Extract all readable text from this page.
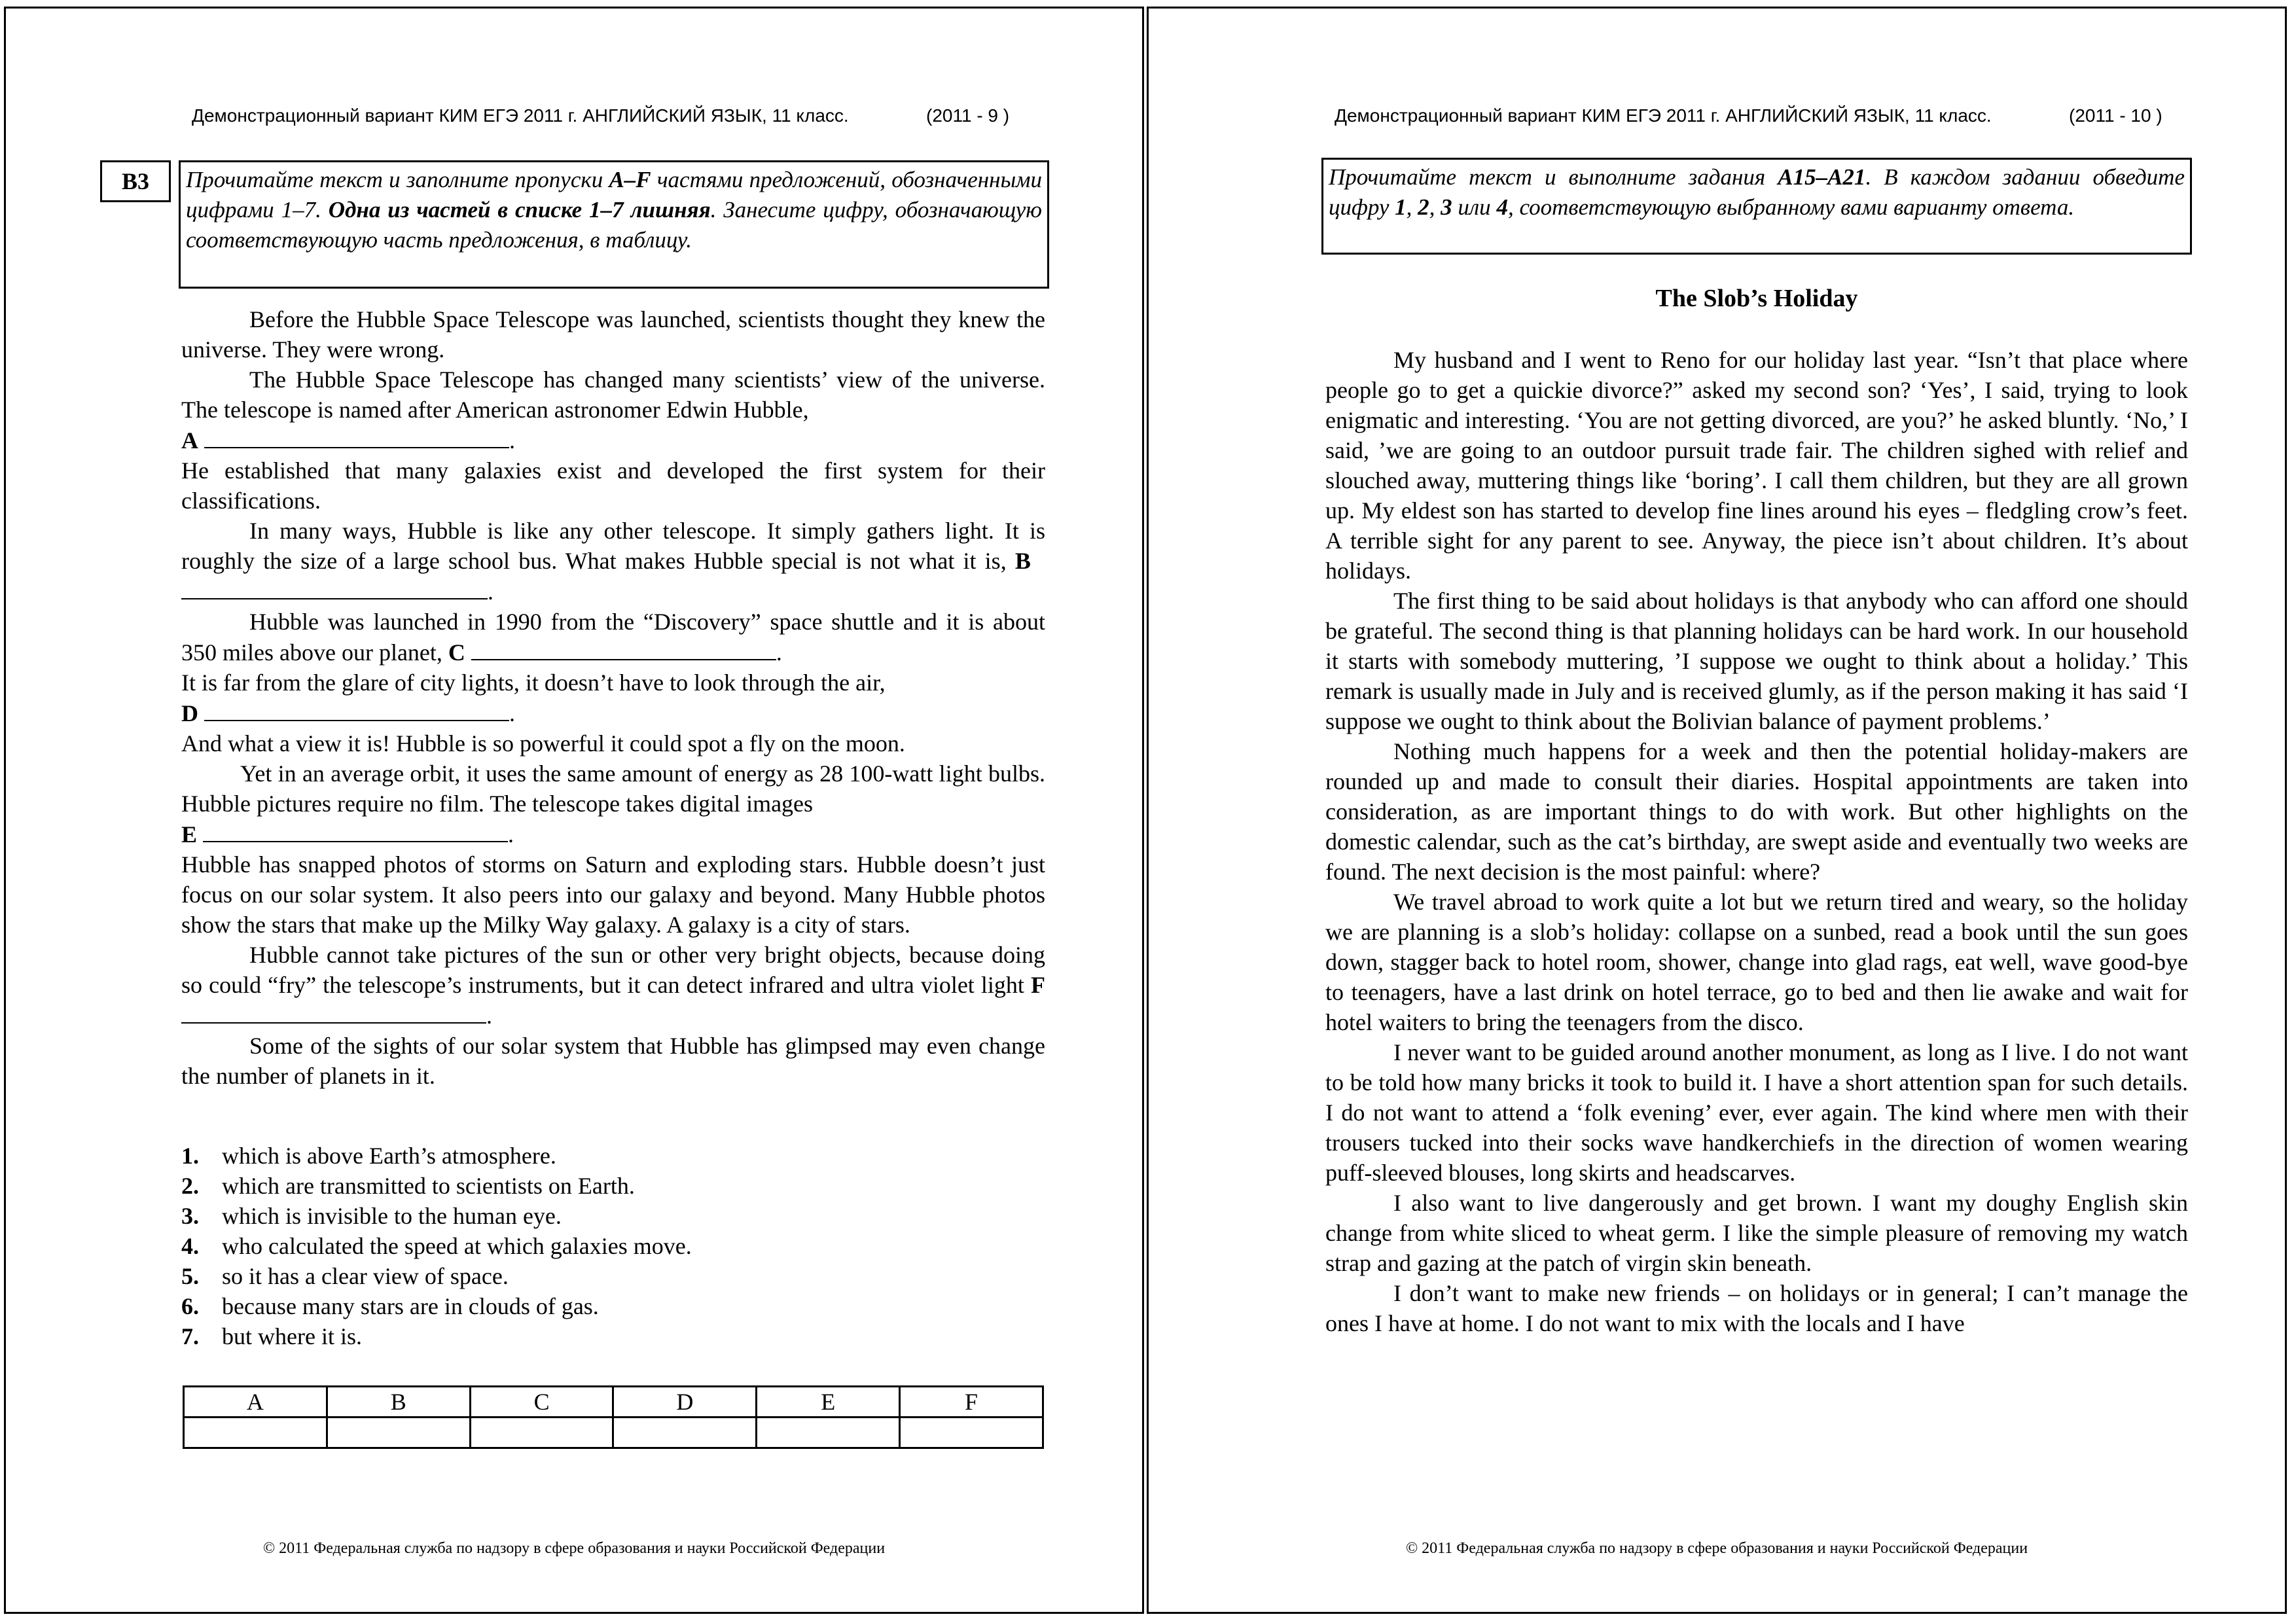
Демонстрационный вариант КИМ ЕГЭ 2011 г. АНГЛИЙСКИЙ ЯЗЫК, 11 класс.	(2011 - 9 )
B3	Прочитайте текст и заполните пропуски A–F частями предложений, обозначенными цифрами 1–7. Одна из частей в списке 1–7 лишняя. Занесите цифру, обозначающую соответствующую часть предложения, в таблицу.

Before the Hubble Space Telescope was launched, scientists thought they knew the universe. They were wrong.

The Hubble Space Telescope has changed many scientists’ view of the universe. The telescope is named after American astronomer Edwin Hubble,
A	.

He established that many galaxies exist and developed the first system for their classifications.

In many ways, Hubble is like any other telescope. It simply gathers light. It is roughly the size of a large school bus. What makes Hubble special is not what it is, B  .

Hubble was launched in 1990 from the “Discovery” space shuttle and it is about 350 miles above our planet, C	.

It is far from the glare of city lights, it doesn’t have to look through the air,
D	.

And what a view it is! Hubble is so powerful it could spot a fly on the moon.

Yet in an average orbit, it uses the same amount of energy as 28 100-watt light bulbs. Hubble pictures require no film. The telescope takes digital images
E	.

Hubble has snapped photos of storms on Saturn and exploding stars. Hubble doesn’t just focus on our solar system. It also peers into our galaxy and beyond. Many Hubble photos show the stars that make up the Milky Way galaxy. A galaxy is a city of stars.

Hubble cannot take pictures of the sun or other very bright objects, because doing so could “fry” the telescope’s instruments, but it can detect infrared and ultra violet light F .

Some of the sights of our solar system that Hubble has glimpsed may even change the number of planets in it.

1. which is above Earth’s atmosphere.
2. which are transmitted to scientists on Earth.
3. which is invisible to the human eye.
4. who calculated the speed at which galaxies move.
5. so it has a clear view of space.
6. because many stars are in clouds of gas.
7. but where it is.
A	B	C	D	E	F

© 2011 Федеральная служба по надзору в сфере образования и науки Российской Федерации
Демонстрационный вариант КИМ ЕГЭ 2011 г. АНГЛИЙСКИЙ ЯЗЫК, 11 класс.	(2011 - 10 )
Прочитайте текст и выполните задания A15–A21. В каждом задании обведите цифру 1, 2, 3 или 4, соответствующую выбранному вами варианту ответа.
The Slob’s Holiday

My husband and I went to Reno for our holiday last year. “Isn’t that place where people go to get a quickie divorce?” asked my second son? ‘Yes’, I said, trying to look enigmatic and interesting. ‘You are not getting divorced, are you?’ he asked bluntly. ‘No,’ I said, ’we are going to an outdoor pursuit trade fair. The children sighed with relief and slouched away, muttering things like ‘boring’. I call them children, but they are all grown up. My eldest son has started to develop fine lines around his eyes – fledgling crow’s feet. A terrible sight for any parent to see. Anyway, the piece isn’t about children. It’s about holidays.

The first thing to be said about holidays is that anybody who can afford one should be grateful. The second thing is that planning holidays can be hard work. In our household it starts with somebody muttering, ’I suppose we ought to think about a holiday.’ This remark is usually made in July and is received glumly, as if the person making it has said ‘I suppose we ought to think about the Bolivian balance of payment problems.’

Nothing much happens for a week and then the potential holiday-makers are rounded up and made to consult their diaries. Hospital appointments are taken into consideration, as are important things to do with work. But other highlights on the domestic calendar, such as the cat’s birthday, are swept aside and eventually two weeks are found. The next decision is the most painful: where?

We travel abroad to work quite a lot but we return tired and weary, so the holiday we are planning is a slob’s holiday: collapse on a sunbed, read a book until the sun goes down, stagger back to hotel room, shower, change into glad rags, eat well, wave good-bye to teenagers, have a last drink on hotel terrace, go to bed and then lie awake and wait for hotel waiters to bring the teenagers from the disco.

I never want to be guided around another monument, as long as I live. I do not want to be told how many bricks it took to build it. I have a short attention span for such details. I do not want to attend a ‘folk evening’ ever, ever again. The kind where men with their trousers tucked into their socks wave handkerchiefs in the direction of women wearing puff-sleeved blouses, long skirts and headscarves.

I also want to live dangerously and get brown. I want my doughy English skin change from white sliced to wheat germ. I like the simple pleasure of removing my watch strap and gazing at the patch of virgin skin beneath.

I don’t want to make new friends – on holidays or in general; I can’t manage the ones I have at home. I do not want to mix with the locals and I have

© 2011 Федеральная служба по надзору в сфере образования и науки Российской Федерации
